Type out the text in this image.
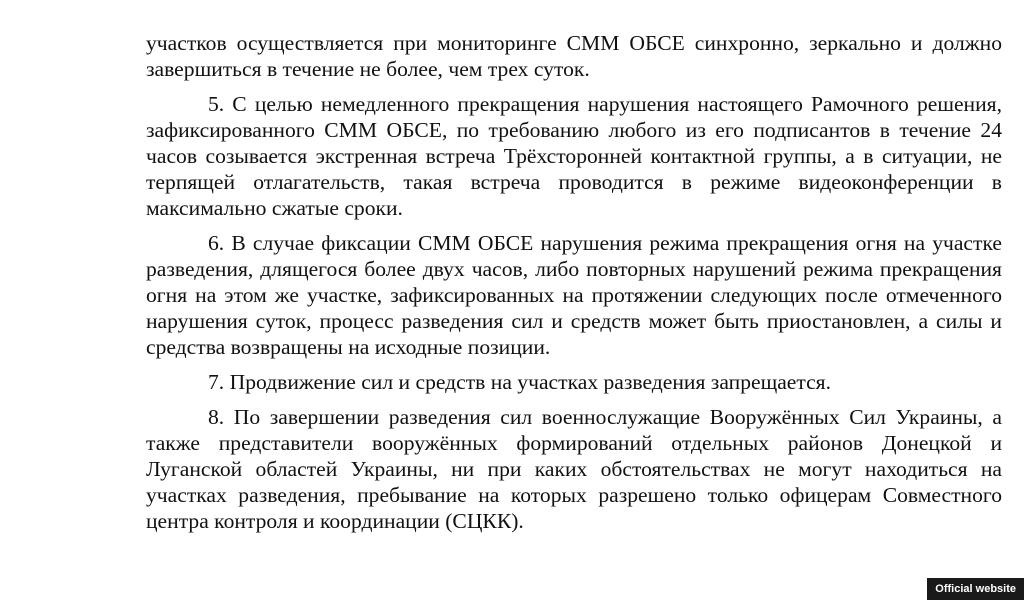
участков осуществляется при мониторинге СММ ОБСЕ синхронно, зеркально и должно завершиться в течение не более, чем трех суток.

5. С целью немедленного прекращения нарушения настоящего Рамочного решения, зафиксированного СММ ОБСЕ, по требованию любого из его подписантов в течение 24 часов созывается экстренная встреча Трёхсторонней контактной группы, а в ситуации, не терпящей отлагательств, такая встреча проводится в режиме видеоконференции в максимально сжатые сроки.

6. В случае фиксации СММ ОБСЕ нарушения режима прекращения огня на участке разведения, длящегося более двух часов, либо повторных нарушений режима прекращения огня на этом же участке, зафиксированных на протяжении следующих после отмеченного нарушения суток, процесс разведения сил и средств может быть приостановлен, а силы и средства возвращены на исходные позиции.

7. Продвижение сил и средств на участках разведения запрещается.

8. По завершении разведения сил военнослужащие Вооружённых Сил Украины, а также представители вооружённых формирований отдельных районов Донецкой и Луганской областей Украины, ни при каких обстоятельствах не могут находиться на участках разведения, пребывание на которых разрешено только офицерам Совместного центра контроля и координации (СЦКК).

Official website
